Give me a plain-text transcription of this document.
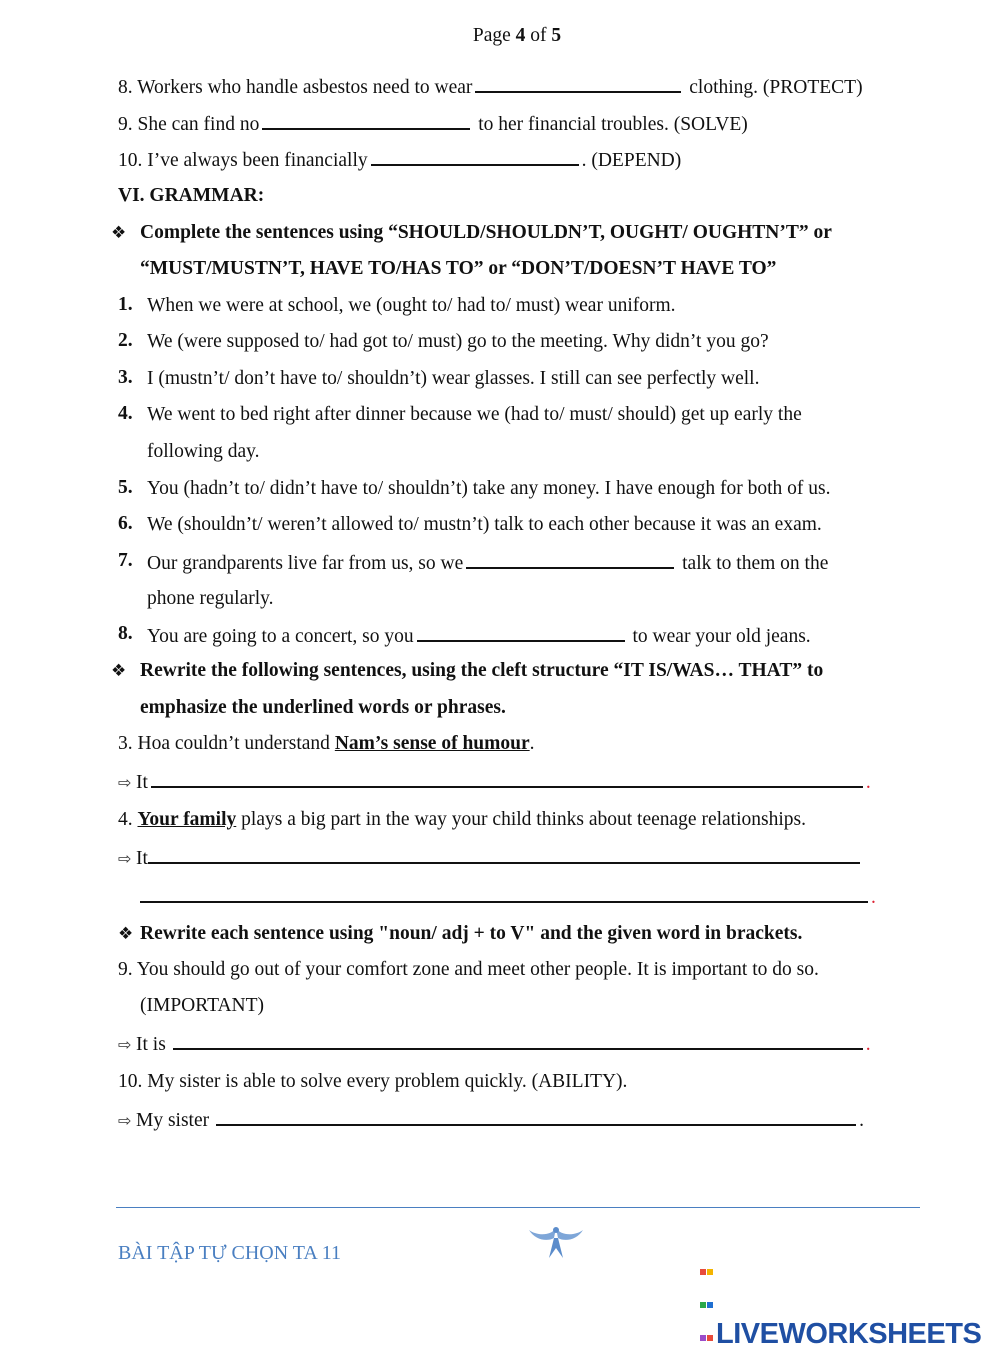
Page 4 of 5
8. Workers who handle asbestos need to wear	clothing. (PROTECT)
9. She can find no	to her financial troubles. (SOLVE)
10. I’ve always been financially	. (DEPEND)
VI. GRAMMAR:
❖ Complete the sentences using “SHOULD/SHOULDN’T, OUGHT/ OUGHTN’T” or
“MUST/MUSTN’T, HAVE TO/HAS TO” or “DON’T/DOESN’T HAVE TO”
1. When we were at school, we (ought to/ had to/ must) wear uniform.
2. We (were supposed to/ had got to/ must) go to the meeting. Why didn’t you go?
3. I (mustn’t/ don’t have to/ shouldn’t) wear glasses. I still can see perfectly well.
4. We went to bed right after dinner because we (had to/ must/ should) get up early the
following day.
5. You (hadn’t to/ didn’t have to/ shouldn’t) take any money. I have enough for both of us.
6. We (shouldn’t/ weren’t allowed to/ mustn’t) talk to each other because it was an exam.
7. Our grandparents live far from us, so we	talk to them on the
phone regularly.
8. You are going to a concert, so you	to wear your old jeans.
❖ Rewrite the following sentences, using the cleft structure “IT IS/WAS… THAT” to
emphasize the underlined words or phrases.
3. Hoa couldn’t understand Nam’s sense of humour.
⇨ It	.
4. Your family plays a big part in the way your child thinks about teenage relationships.
⇨ It
.
❖ Rewrite each sentence using "noun/ adj + to V" and the given word in brackets.
9. You should go out of your comfort zone and meet other people. It is important to do so.
(IMPORTANT)
⇨ It is	.
10. My sister is able to solve every problem quickly. (ABILITY).
⇨ My sister	.
BÀI TẬP TỰ CHỌN TA 11

LIVEWORKSHEETS
